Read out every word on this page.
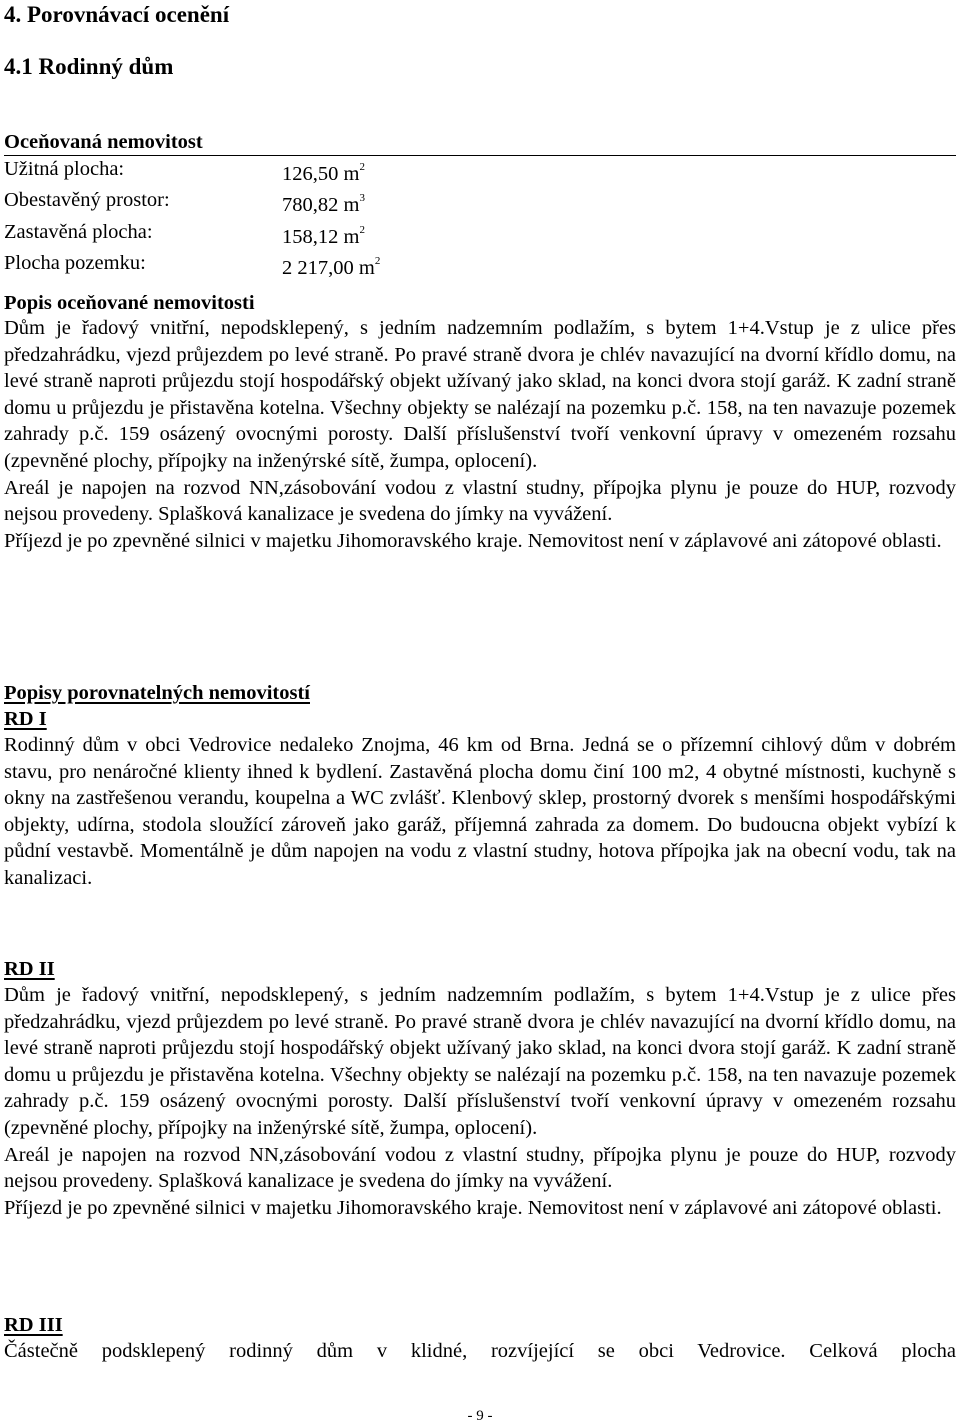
4. Porovnávací ocenění
4.1 Rodinný dům
Oceňovaná nemovitost
Užitná plocha:	126,50 $m^2$
Obestavěný prostor:	780,82 $m^3$
Zastavěná plocha:	158,12 $m^2$
Plocha pozemku:	2 217,00 $m^2$
Popis oceňované nemovitosti

Dům je řadový vnitřní, nepodsklepený, s jedním nadzemním podlažím, s bytem 1+4.Vstup je z ulice přes předzahrádku, vjezd průjezdem po levé straně. Po pravé straně dvora je chlév navazující na dvorní křídlo domu, na levé straně naproti průjezdu stojí hospodářský objekt užívaný jako sklad, na konci dvora stojí garáž. K zadní straně domu u průjezdu je přistavěna kotelna. Všechny objekty se nalézají na pozemku p.č. 158, na ten navazuje pozemek zahrady p.č. 159 osázený ovocnými porosty. Další příslušenství tvoří venkovní úpravy v omezeném rozsahu (zpevněné plochy, přípojky na inženýrské sítě, žumpa, oplocení).

Areál je napojen na rozvod NN,zásobování vodou z vlastní studny, přípojka plynu je pouze do HUP, rozvody nejsou provedeny. Splašková kanalizace je svedena do jímky na vyvážení.

Příjezd je po zpevněné silnici v majetku Jihomoravského kraje. Nemovitost není v záplavové ani zátopové oblasti.

Popisy porovnatelných nemovitostí
RD I

Rodinný dům v obci Vedrovice nedaleko Znojma, 46 km od Brna. Jedná se o přízemní cihlový dům v dobrém stavu, pro nenáročné klienty ihned k bydlení. Zastavěná plocha domu činí 100 m2, 4 obytné místnosti, kuchyně s okny na zastřešenou verandu, koupelna a WC zvlášť. Klenbový sklep, prostorný dvorek s menšími hospodářskými objekty, udírna, stodola sloužící zároveň jako garáž, příjemná zahrada za domem. Do budoucna objekt vybízí k půdní vestavbě. Momentálně je dům napojen na vodu z vlastní studny, hotova přípojka jak na obecní vodu, tak na kanalizaci.

RD II

Dům je řadový vnitřní, nepodsklepený, s jedním nadzemním podlažím, s bytem 1+4.Vstup je z ulice přes předzahrádku, vjezd průjezdem po levé straně. Po pravé straně dvora je chlév navazující na dvorní křídlo domu, na levé straně naproti průjezdu stojí hospodářský objekt užívaný jako sklad, na konci dvora stojí garáž. K zadní straně domu u průjezdu je přistavěna kotelna. Všechny objekty se nalézají na pozemku p.č. 158, na ten navazuje pozemek zahrady p.č. 159 osázený ovocnými porosty. Další příslušenství tvoří venkovní úpravy v omezeném rozsahu (zpevněné plochy, přípojky na inženýrské sítě, žumpa, oplocení).

Areál je napojen na rozvod NN,zásobování vodou z vlastní studny, přípojka plynu je pouze do HUP, rozvody nejsou provedeny. Splašková kanalizace je svedena do jímky na vyvážení.

Příjezd je po zpevněné silnici v majetku Jihomoravského kraje. Nemovitost není v záplavové ani zátopové oblasti.

RD III

Částečně podsklepený rodinný dům v klidné, rozvíjející se obci Vedrovice. Celková plocha

- 9 -
